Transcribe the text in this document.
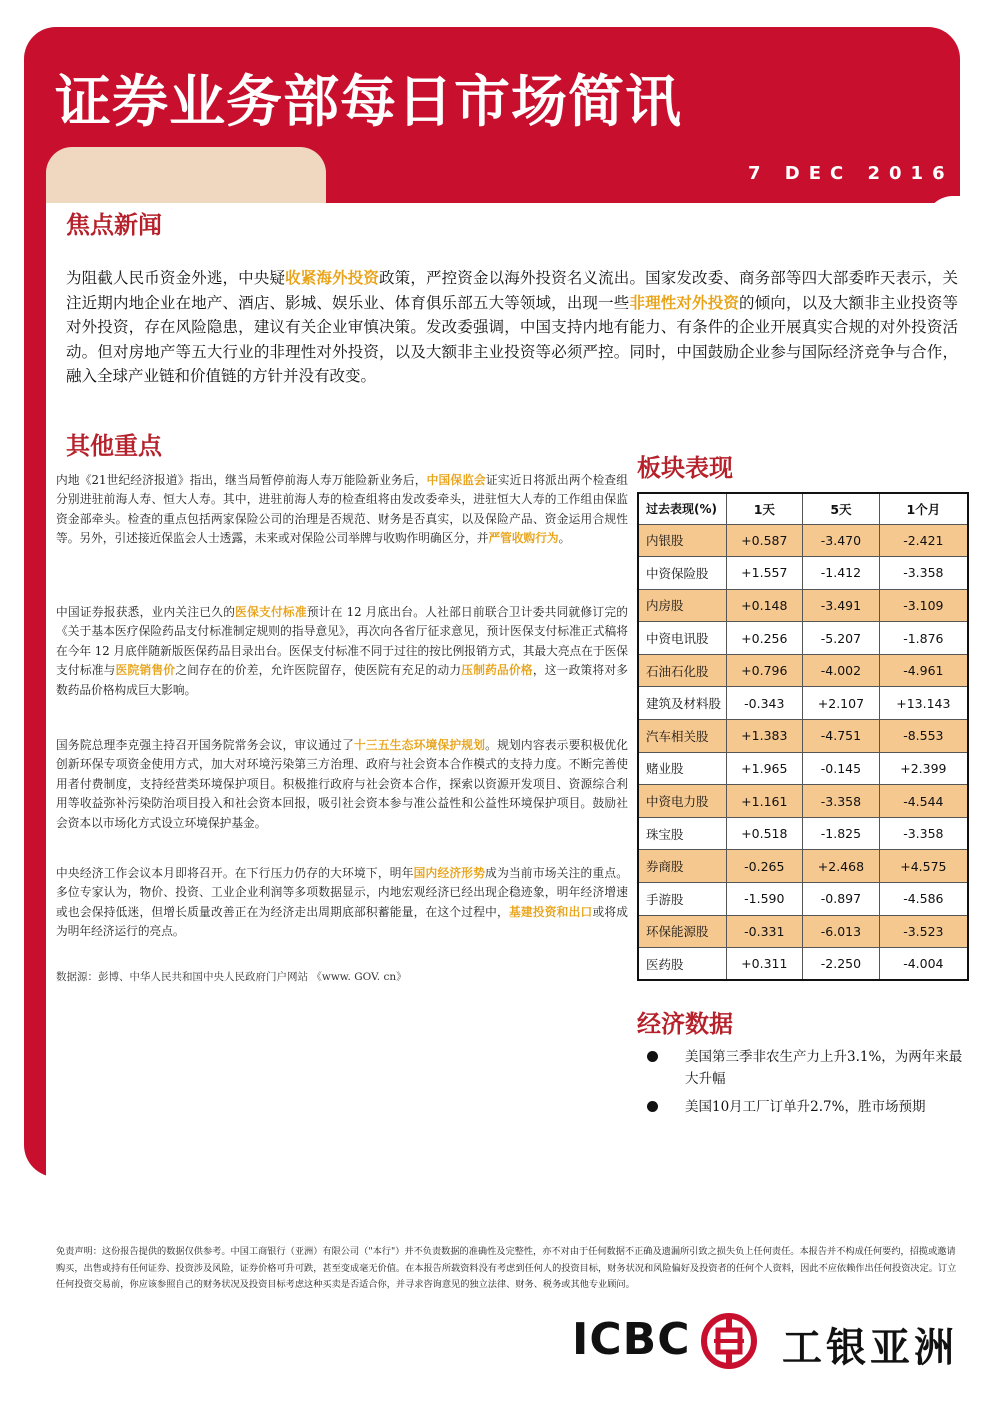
证券业务部每日市场简讯
7 DEC 2016
焦点新闻

为阻截人民币资金外逃，中央疑收紧海外投资政策，严控资金以海外投资名义流出。国家发改委、商务部等四大部委昨天表示，关注近期内地企业在地产、酒店、影城、娱乐业、体育俱乐部五大等领域，出现一些非理性对外投资的倾向，以及大额非主业投资等对外投资，存在风险隐患，建议有关企业审慎决策。发改委强调，中国支持内地有能力、有条件的企业开展真实合规的对外投资活动。但对房地产等五大行业的非理性对外投资，以及大额非主业投资等必须严控。同时，中国鼓励企业参与国际经济竞争与合作，融入全球产业链和价值链的方针并没有改变。

其他重点

内地《21世纪经济报道》指出，继当局暂停前海人寿万能险新业务后，中国保监会证实近日将派出两个检查组分别进驻前海人寿、恒大人寿。其中，进驻前海人寿的检查组将由发改委牵头，进驻恒大人寿的工作组由保监资金部牵头。检查的重点包括两家保险公司的治理是否规范、财务是否真实，以及保险产品、资金运用合规性等。另外，引述接近保监会人士透露，未来或对保险公司举牌与收购作明确区分，并严管收购行为。

中国证券报获悉，业内关注已久的医保支付标准预计在 12 月底出台。人社部日前联合卫计委共同就修订完的《关于基本医疗保险药品支付标准制定规则的指导意见》，再次向各省厅征求意见，预计医保支付标准正式稿将在今年 12 月底伴随新版医保药品目录出台。医保支付标准不同于过往的按比例报销方式，其最大亮点在于医保支付标准与医院销售价之间存在的价差，允许医院留存，使医院有充足的动力压制药品价格，这一政策将对多数药品价格构成巨大影响。

国务院总理李克强主持召开国务院常务会议，审议通过了十三五生态环境保护规划。规划内容表示要积极优化创新环保专项资金使用方式，加大对环境污染第三方治理、政府与社会资本合作模式的支持力度。不断完善使用者付费制度，支持经营类环境保护项目。积极推行政府与社会资本合作，探索以资源开发项目、资源综合利用等收益弥补污染防治项目投入和社会资本回报，吸引社会资本参与准公益性和公益性环境保护项目。鼓励社会资本以市场化方式设立环境保护基金。

中央经济工作会议本月即将召开。在下行压力仍存的大环境下，明年国内经济形势成为当前市场关注的重点。多位专家认为，物价、投资、工业企业利润等多项数据显示，内地宏观经济已经出现企稳迹象，明年经济增速或也会保持低迷，但增长质量改善正在为经济走出周期底部积蓄能量，在这个过程中，基建投资和出口或将成为明年经济运行的亮点。

数据源：彭博、中华人民共和国中央人民政府门户网站 《www. GOV. cn》
板块表现
过去表现(%)	1天	5天	1个月
内银股	+0.587	-3.470	-2.421
中资保险股	+1.557	-1.412	-3.358
内房股	+0.148	-3.491	-3.109
中资电讯股	+0.256	-5.207	-1.876
石油石化股	+0.796	-4.002	-4.961
建筑及材料股	-0.343	+2.107	+13.143
汽车相关股	+1.383	-4.751	-8.553
赌业股	+1.965	-0.145	+2.399
中资电力股	+1.161	-3.358	-4.544
珠宝股	+0.518	-1.825	-3.358
券商股	-0.265	+2.468	+4.575
手游股	-1.590	-0.897	-4.586
环保能源股	-0.331	-6.013	-3.523
医药股	+0.311	-2.250	-4.004
经济数据
美国第三季非农生产力上升3.1%，为两年来最大升幅
美国10月工厂订单升2.7%，胜市场预期

免责声明：这份报告提供的数据仅供参考。中国工商银行（亚洲）有限公司（"本行"）并不负责数据的准确性及完整性，亦不对由于任何数据不正确及遗漏所引致之损失负上任何责任。本报告并不构成任何要约，招揽或邀请购买，出售或持有任何证券、投资涉及风险，证券价格可升可跌，甚至变成毫无价值。在本报告所载资料没有考虑到任何人的投资目标，财务状况和风险偏好及投资者的任何个人资料，因此不应依赖作出任何投资决定。订立任何投资交易前，你应该参照自己的财务状况及投资目标考虑这种买卖是否适合你，并寻求咨询意见的独立法律、财务、税务或其他专业顾问。

ICBC 工银亚洲
